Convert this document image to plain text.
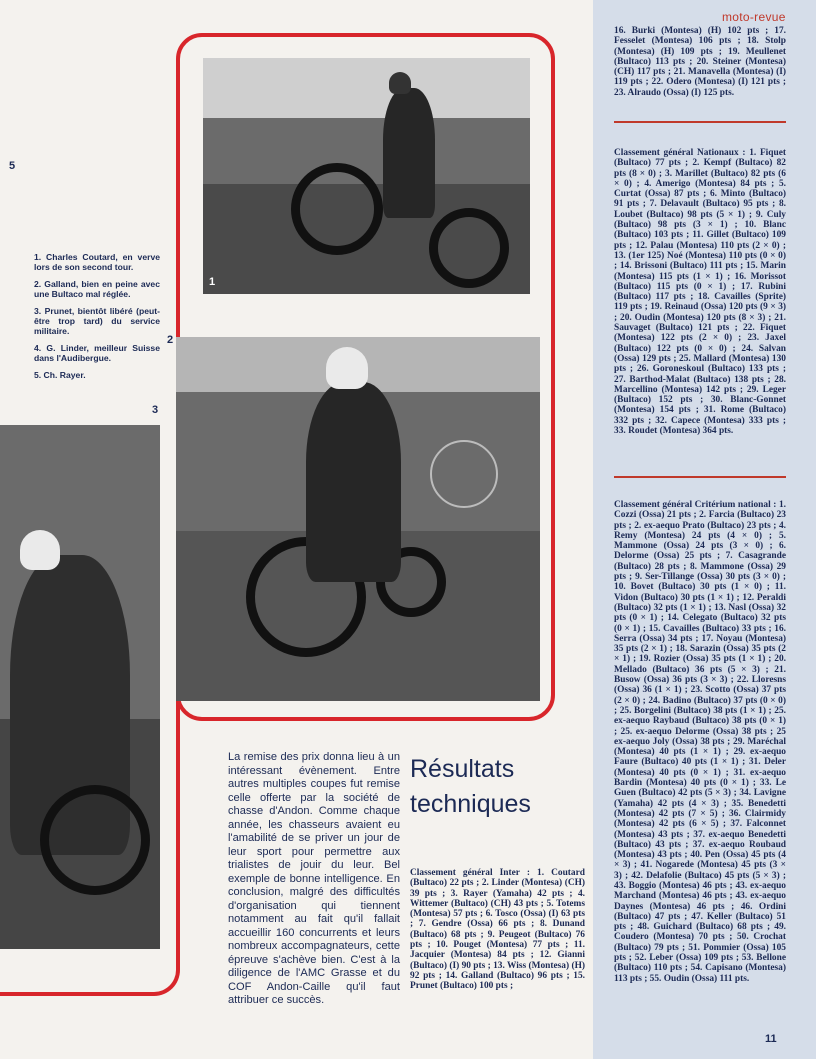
moto-revue

16. Burki (Montesa) (H) 102 pts ; 17. Fesselet (Montesa) 106 pts ; 18. Stolp (Montesa) (H) 109 pts ; 19. Meullenet (Bultaco) 113 pts ; 20. Steiner (Montesa) (CH) 117 pts ; 21. Manavella (Montesa) (I) 119 pts ; 22. Odero (Montesa) (I) 121 pts ; 23. Alraudo (Ossa) (I) 125 pts.

Classement général Nationaux : 1. Fiquet (Bultaco) 77 pts ; 2. Kempf (Bultaco) 82 pts (8 × 0) ; 3. Marillet (Bultaco) 82 pts (6 × 0) ; 4. Amerigo (Montesa) 84 pts ; 5. Curtat (Ossa) 87 pts ; 6. Minto (Bultaco) 91 pts ; 7. Delavault (Bultaco) 95 pts ; 8. Loubet (Bultaco) 98 pts (5 × 1) ; 9. Culy (Bultaco) 98 pts (3 × 1) ; 10. Blanc (Bultaco) 103 pts ; 11. Gillet (Bultaco) 109 pts ; 12. Palau (Montesa) 110 pts (2 × 0) ; 13. (1er 125) Noé (Montesa) 110 pts (0 × 0) ; 14. Brissoni (Bultaco) 111 pts ; 15. Marin (Montesa) 115 pts (1 × 1) ; 16. Morissot (Bultaco) 115 pts (0 × 1) ; 17. Rubini (Bultaco) 117 pts ; 18. Cavailles (Sprite) 119 pts ; 19. Reinaud (Ossa) 120 pts (9 × 3) ; 20. Oudin (Montesa) 120 pts (8 × 3) ; 21. Sauvaget (Bultaco) 121 pts ; 22. Fiquet (Montesa) 122 pts (2 × 0) ; 23. Jaxel (Bultaco) 122 pts (0 × 0) ; 24. Salvan (Ossa) 129 pts ; 25. Mallard (Montesa) 130 pts ; 26. Goroneskoul (Bultaco) 133 pts ; 27. Barthod-Malat (Bultaco) 138 pts ; 28. Marcellino (Montesa) 142 pts ; 29. Leger (Bultaco) 152 pts ; 30. Blanc-Gonnet (Montesa) 154 pts ; 31. Rome (Bultaco) 332 pts ; 32. Capece (Montesa) 333 pts ; 33. Roudet (Montesa) 364 pts.

Classement général Critérium national : 1. Cozzi (Ossa) 21 pts ; 2. Farcia (Bultaco) 23 pts ; 2. ex-aequo Prato (Bultaco) 23 pts ; 4. Remy (Montesa) 24 pts (4 × 0) ; 5. Mammone (Ossa) 24 pts (3 × 0) ; 6. Delorme (Ossa) 25 pts ; 7. Casagrande (Bultaco) 28 pts ; 8. Mammone (Ossa) 29 pts ; 9. Ser-Tillange (Ossa) 30 pts (3 × 0) ; 10. Bovet (Bultaco) 30 pts (1 × 0) ; 11. Vidon (Bultaco) 30 pts (1 × 1) ; 12. Peraldi (Bultaco) 32 pts (1 × 1) ; 13. Nasl (Ossa) 32 pts (0 × 1) ; 14. Celegato (Bultaco) 32 pts (0 × 1) ; 15. Cavailles (Bultaco) 33 pts ; 16. Serra (Ossa) 34 pts ; 17. Noyau (Montesa) 35 pts (2 × 1) ; 18. Sarazin (Ossa) 35 pts (2 × 1) ; 19. Rozier (Ossa) 35 pts (1 × 1) ; 20. Mellado (Bultaco) 36 pts (5 × 3) ; 21. Busow (Ossa) 36 pts (3 × 3) ; 22. Lloresns (Ossa) 36 (1 × 1) ; 23. Scotto (Ossa) 37 pts (2 × 0) ; 24. Badino (Bultaco) 37 pts (0 × 0) ; 25. Borgelini (Bultaco) 38 pts (1 × 1) ; 25. ex-aequo Raybaud (Bultaco) 38 pts (0 × 1) ; 25. ex-aequo Delorme (Ossa) 38 pts ; 25 ex-aequo Joly (Ossa) 38 pts ; 29. Maréchal (Montesa) 40 pts (1 × 1) ; 29. ex-aequo Faure (Bultaco) 40 pts (1 × 1) ; 31. Deler (Montesa) 40 pts (0 × 1) ; 31. ex-aequo Bardin (Montesa) 40 pts (0 × 1) ; 33. Le Guen (Bultaco) 42 pts (5 × 3) ; 34. Lavigne (Yamaha) 42 pts (4 × 3) ; 35. Benedetti (Montesa) 42 pts (7 × 5) ; 36. Clairmidy (Montesa) 42 pts (6 × 5) ; 37. Falconnet (Montesa) 43 pts ; 37. ex-aequo Benedetti (Bultaco) 43 pts ; 37. ex-aequo Roubaud (Montesa) 43 pts ; 40. Pen (Ossa) 45 pts (4 × 3) ; 41. Nogarede (Montesa) 45 pts (3 × 3) ; 42. Delafolie (Bultaco) 45 pts (5 × 3) ; 43. Boggio (Montesa) 46 pts ; 43. ex-aequo Marchand (Montesa) 46 pts ; 43. ex-aequo Daynes (Montesa) 46 pts ; 46. Ordini (Bultaco) 47 pts ; 47. Keller (Bultaco) 51 pts ; 48. Guichard (Bultaco) 68 pts ; 49. Coudero (Montesa) 70 pts ; 50. Crochat (Bultaco) 79 pts ; 51. Pommier (Ossa) 105 pts ; 52. Leber (Ossa) 109 pts ; 53. Bellone (Bultaco) 110 pts ; 54. Capisano (Montesa) 113 pts ; 55. Oudin (Ossa) 111 pts.

1
2

3
5
1. Charles Coutard, en verve lors de son second tour.
2. Galland, bien en peine avec une Bultaco mal réglée.
3. Prunet, bientôt libéré (peut-être trop tard) du service militaire.
4. G. Linder, meilleur Suisse dans l'Audibergue.
5. Ch. Rayer.

La remise des prix donna lieu à un intéressant évènement. Entre autres multiples coupes fut remise celle offerte par la société de chasse d'Andon. Comme chaque année, les chasseurs avaient eu l'amabilité de se priver un jour de leur sport pour permettre aux trialistes de jouir du leur. Bel exemple de bonne intelligence. En conclusion, malgré des difficultés d'organisation qui tiennent notamment au fait qu'il fallait accueillir 160 concurrents et leurs nombreux accompagnateurs, cette épreuve s'achève bien. C'est à la diligence de l'AMC Grasse et du COF Andon-Caille qu'il faut attribuer ce succès.

Résultats
techniques

Classement général Inter : 1. Coutard (Bultaco) 22 pts ; 2. Linder (Montesa) (CH) 39 pts ; 3. Rayer (Yamaha) 42 pts ; 4. Wittemer (Bultaco) (CH) 43 pts ; 5. Totems (Montesa) 57 pts ; 6. Tosco (Ossa) (I) 63 pts ; 7. Gendre (Ossa) 66 pts ; 8. Dunand (Bultaco) 68 pts ; 9. Peugeot (Bultaco) 76 pts ; 10. Pouget (Montesa) 77 pts ; 11. Jacquier (Montesa) 84 pts ; 12. Gianni (Bultaco) (I) 90 pts ; 13. Wiss (Montesa) (H) 92 pts ; 14. Galland (Bultaco) 96 pts ; 15. Prunet (Bultaco) 100 pts ;

11
